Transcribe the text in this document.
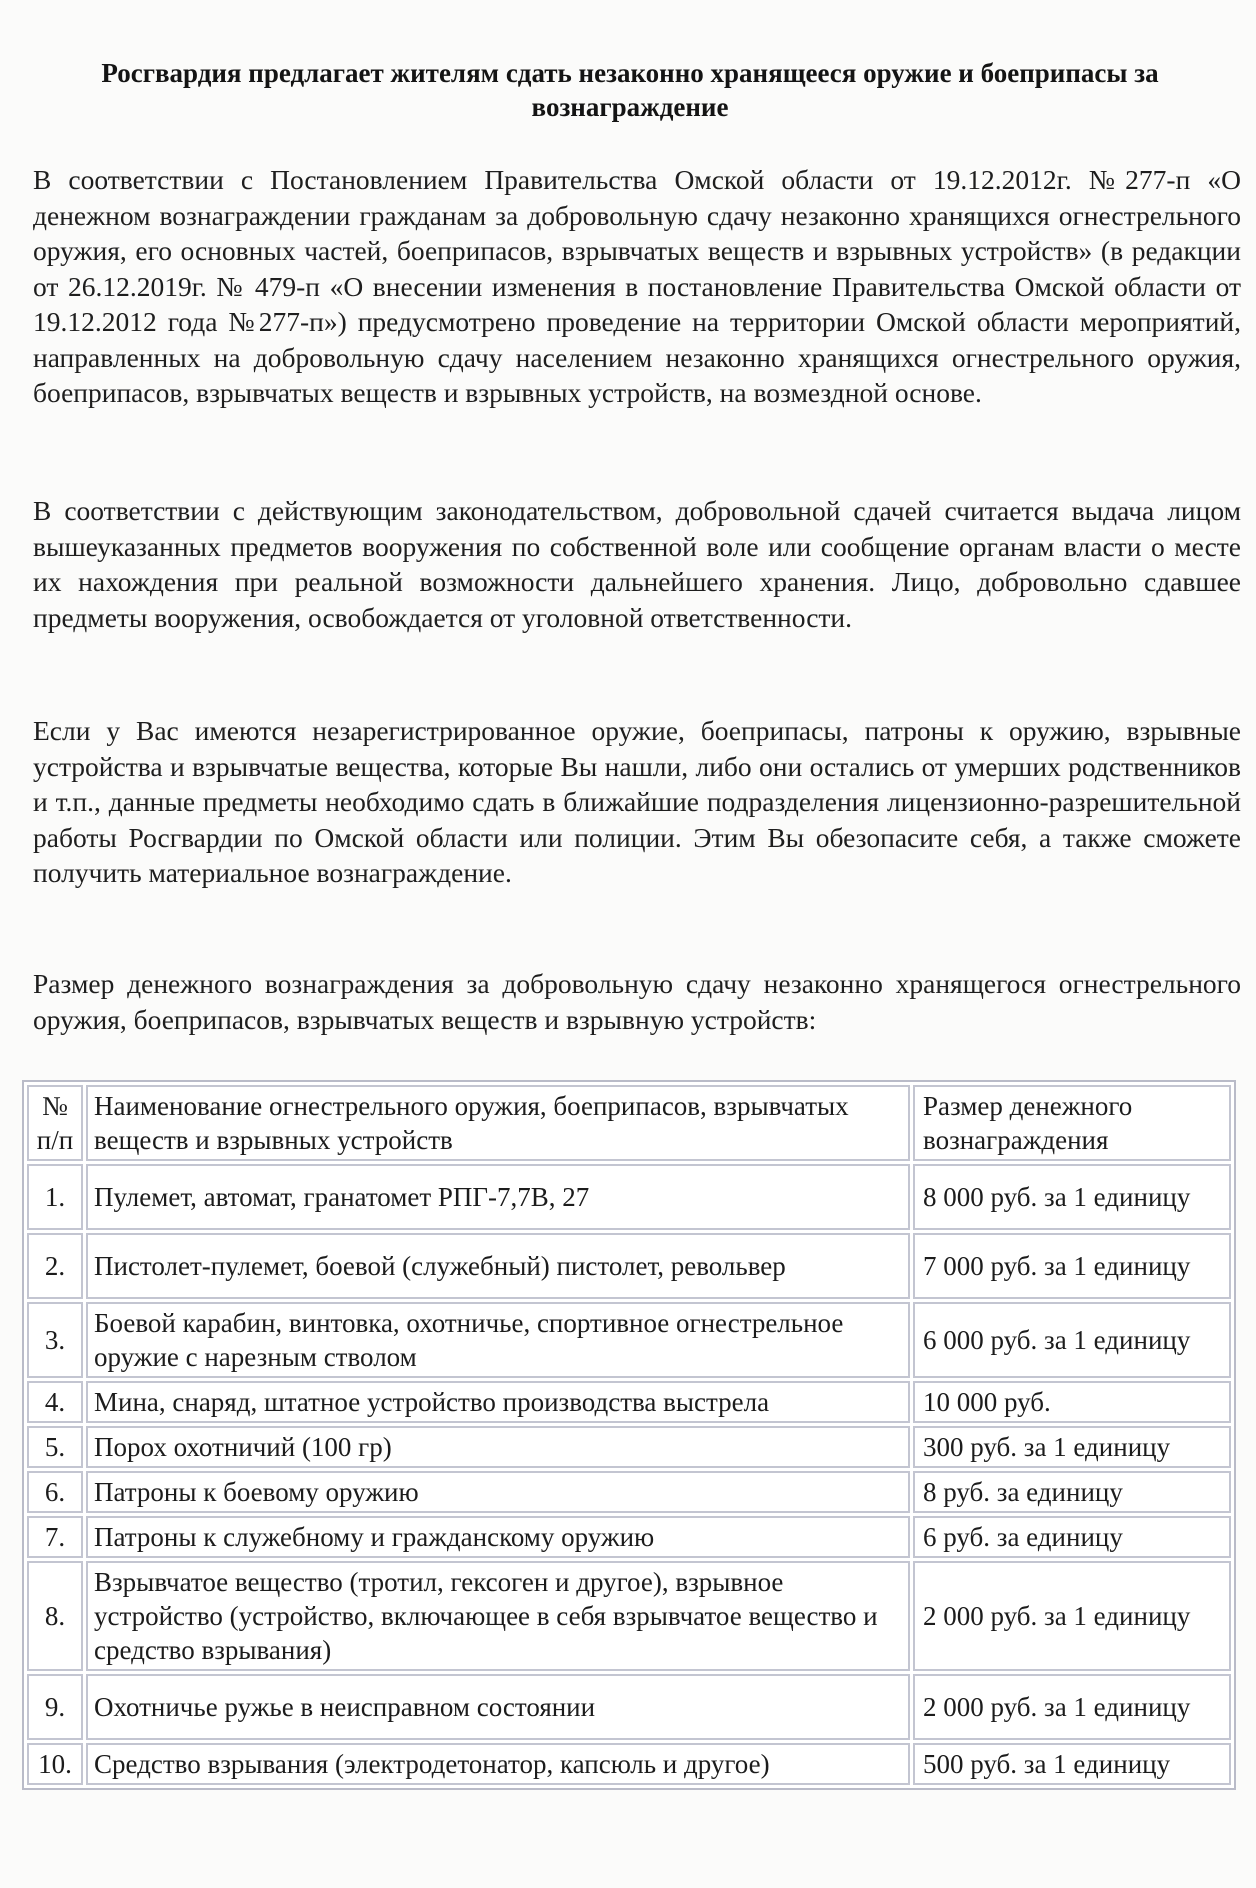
Росгвардия предлагает жителям сдать незаконно хранящееся оружие и боеприпасы за вознаграждение
В соответствии с Постановлением Правительства Омской области от 19.12.2012г. №277-п «О денежном вознаграждении гражданам за добровольную сдачу незаконно хранящихся огнестрельного оружия, его основных частей, боеприпасов, взрывчатых веществ и взрывных устройств» (в редакции от 26.12.2019г. № 479-п «О внесении изменения в постановление Правительства Омской области от 19.12.2012 года №277-п») предусмотрено проведение на территории Омской области мероприятий, направленных на добровольную сдачу населением незаконно хранящихся огнестрельного оружия, боеприпасов, взрывчатых веществ и взрывных устройств, на возмездной основе.
В соответствии с действующим законодательством, добровольной сдачей считается выдача лицом вышеуказанных предметов вооружения по собственной воле или сообщение органам власти о месте их нахождения при реальной возможности дальнейшего хранения. Лицо, добровольно сдавшее предметы вооружения, освобождается от уголовной ответственности.
Если у Вас имеются незарегистрированное оружие, боеприпасы, патроны к оружию, взрывные устройства и взрывчатые вещества, которые Вы нашли, либо они остались от умерших родственников и т.п., данные предметы необходимо сдать в ближайшие подразделения лицензионно-разрешительной работы Росгвардии по Омской области или полиции. Этим Вы обезопасите себя, а также сможете получить материальное вознаграждение.
Размер денежного вознаграждения за добровольную сдачу незаконно хранящегося огнестрельного оружия, боеприпасов, взрывчатых веществ и взрывную устройств:
№ п/п	Наименование огнестрельного оружия, боеприпасов, взрывчатых веществ и взрывных устройств	Размер денежного вознаграждения
1.	Пулемет, автомат, гранатомет РПГ-7,7В, 27	8 000 руб. за 1 единицу
2.	Пистолет-пулемет, боевой (служебный) пистолет, револьвер	7 000 руб. за 1 единицу
3.	Боевой карабин, винтовка, охотничье, спортивное огнестрельное оружие с нарезным стволом	6 000 руб. за 1 единицу
4.	Мина, снаряд, штатное устройство производства выстрела	10 000 руб.
5.	Порох охотничий (100 гр)	300 руб. за 1 единицу
6.	Патроны к боевому оружию	8 руб. за единицу
7.	Патроны к служебному и гражданскому оружию	6 руб. за единицу
8.	Взрывчатое вещество (тротил, гексоген и другое), взрывное устройство (устройство, включающее в себя взрывчатое вещество и средство взрывания)	2 000 руб. за 1 единицу
9.	Охотничье ружье в неисправном состоянии	2 000 руб. за 1 единицу
10.	Средство взрывания (электродетонатор, капсюль и другое)	500 руб. за 1 единицу
